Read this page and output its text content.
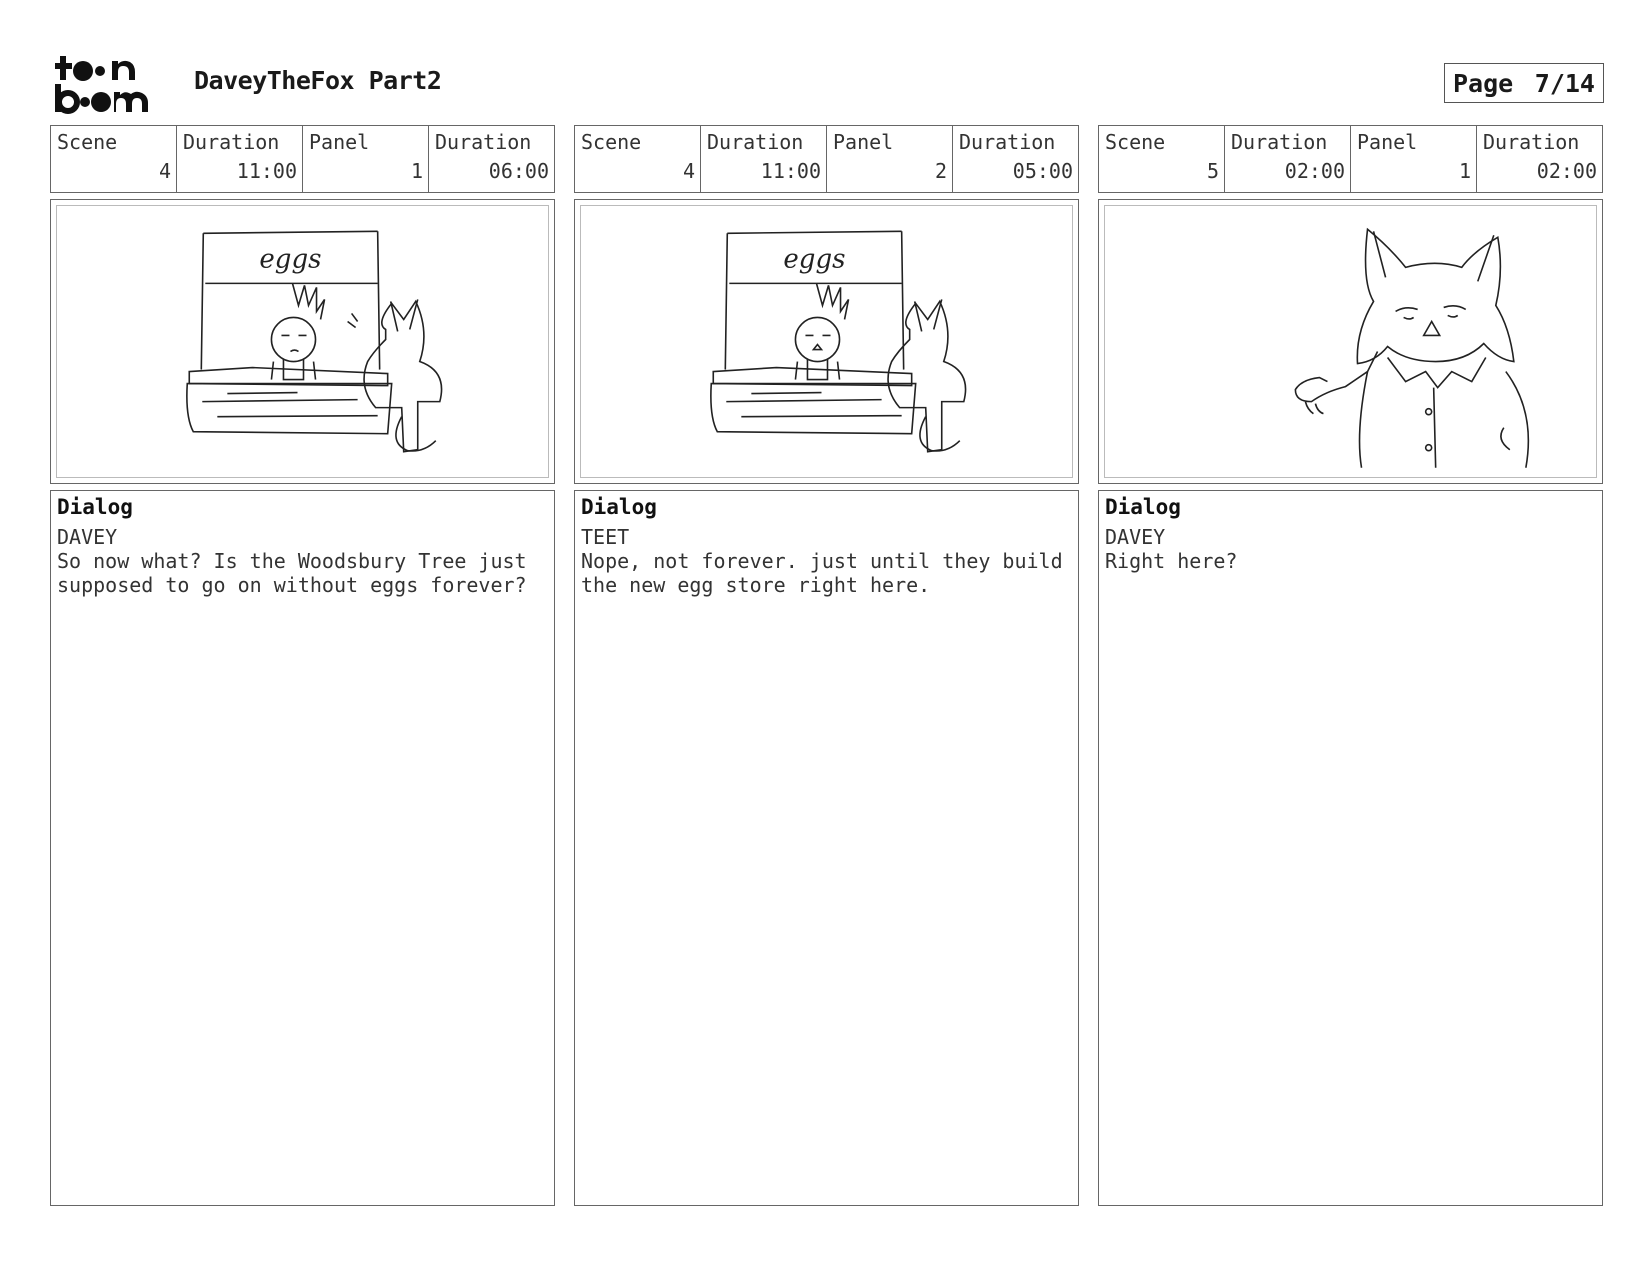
DaveyTheFox Part2	Page 7/14
Scene
4
Duration
11:00
Panel
1
Duration
06:00
eggs
Dialog
DAVEY
So now what? Is the Woodsbury Tree just
supposed to go on without eggs forever?
Scene
4
Duration
11:00
Panel
2
Duration
05:00
eggs
Dialog
TEET
Nope, not forever. just until they build
the new egg store right here.
Scene
5
Duration
02:00
Panel
1
Duration
02:00
Dialog
DAVEY
Right here?
